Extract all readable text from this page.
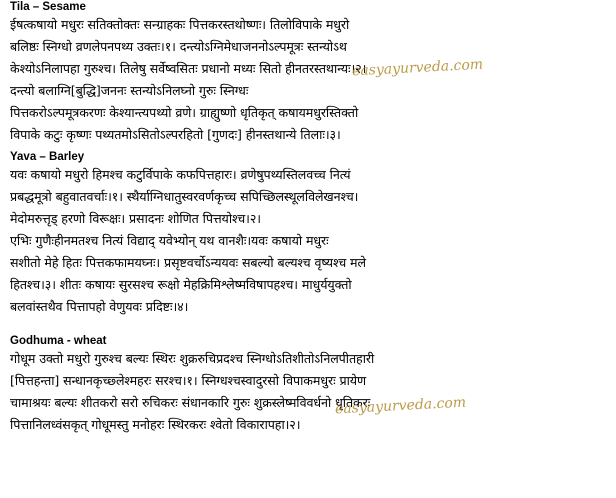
Tila – Sesame
ईषत्कषायो मधुरः सतिक्तोक्तः सन्ग्राहकः पित्तकरस्तथोष्णः। तिलोविपाके मधुरो
बलिष्ठः स्निग्धो व्रणलेपनपथ्य उक्तः।१। दन्त्योऽग्निमेधाजननोऽल्पमूत्रः स्तन्योऽथ
केश्योऽनिलापहा गुरुश्च। तिलेषु सर्वेष्वसितः प्रधानो मध्यः सितो हीनतरस्तथान्यः।२।
दन्त्यो बलाग्नि[बुद्धि]जननः स्तन्योऽनिलघ्नो गुरुः स्निग्धः
पित्तकरोऽल्पमूत्रकरणः केश्यान्त्यपथ्यो व्रणे। ग्राह्युष्णो धृतिकृत् कषायमधुरस्तिक्तो
विपाके कटुः कृष्णः पथ्यतमोऽसितोऽल्परहितो [गुणदः] हीनस्तथान्ये तिलाः।३।
Yava – Barley
यवः कषायो मधुरो हिमश्च कटुर्विपाके कफपित्तहारः। व्रणेषुपथ्यस्तिलवच्च नित्यं
प्रबद्धमूत्रो बहुवातवर्चाः।१। स्थैर्याग्निधातुस्वरवर्णकृच्च सपिच्छिलस्थूलविलेखनश्च।
मेदोमरुत्तृड् हरणो विरूक्षः। प्रसादनः शोणित पित्तयोश्च।२।
एभिः गुणैःहीनमतश्च नित्यं विद्याद् यवेभ्योन् यथ वानशैः।यवः कषायो मधुरः
सशीतो मेहे हितः पित्तकफामयघ्नः। प्रसृष्टवर्चोऽन्ययवः सबल्यो बल्यश्च वृष्यश्च मले
हितश्च।३। शीतः कषायः सुरसश्च रूक्षो मेहक्रिमिश्लेष्मविषापहश्च। माधुर्ययुक्तो
बलवांस्तथैव पित्तापहो वेणुयवः प्रदिष्टः।४।
Godhuma - wheat
गोधूम उक्तो मधुरो गुरुश्च बल्यः स्थिरः शुक्ररुचिप्रदश्च स्निग्धोऽतिशीतोऽनिलपीतहारी
[पित्तहन्ता] सन्धानकृच्छ्लेश्महरः सरश्च।१। स्निग्धश्चस्वादुरसो विपाकमधुरः प्रायेण
चामाश्रयः बल्यः शीतकरो सरो रुचिकरः संधानकारि गुरुः शुक्रस्लेष्मविवर्धनो धृतिकरः
पित्तानिलध्वंसकृत् गोधूमस्तु मनोहरः स्थिरकरः श्वेतो विकारापहा।२।
easyayurveda.com
easyayurveda.com
